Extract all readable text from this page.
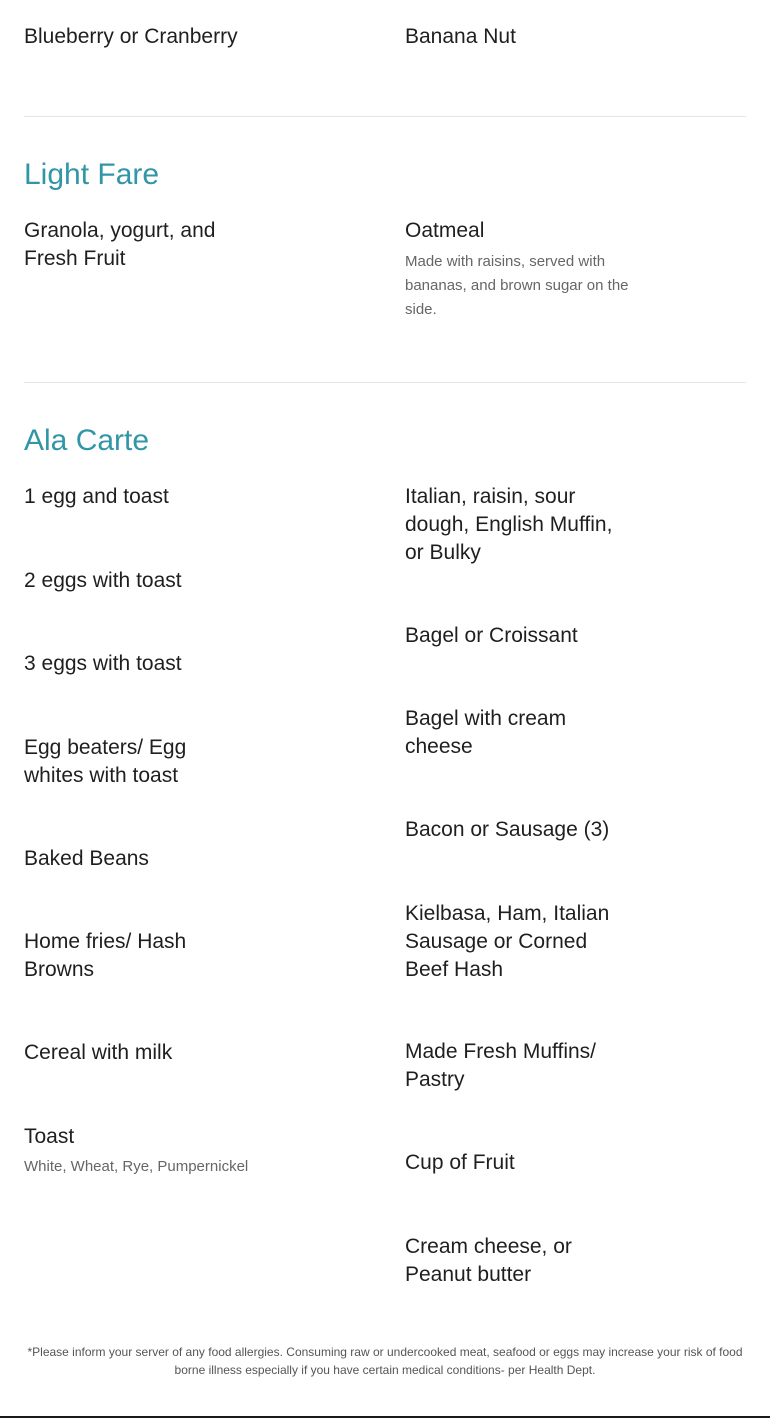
Blueberry or Cranberry	Banana Nut

Light Fare

Granola, yogurt, and Fresh Fruit

Oatmeal

Made with raisins, served with bananas, and brown sugar on the side.

Ala Carte

1 egg and toast

2 eggs with toast

3 eggs with toast

Egg beaters/ Egg whites with toast

Baked Beans

Home fries/ Hash Browns

Cereal with milk

Toast

White, Wheat, Rye, Pumpernickel

Italian, raisin, sour dough, English Muffin, or Bulky

Bagel or Croissant

Bagel with cream cheese

Bacon or Sausage (3)

Kielbasa, Ham, Italian Sausage or Corned Beef Hash

Made Fresh Muffins/ Pastry

Cup of Fruit

Cream cheese, or Peanut butter

*Please inform your server of any food allergies. Consuming raw or undercooked meat, seafood or eggs may increase your risk of food borne illness especially if you have certain medical conditions- per Health Dept.
